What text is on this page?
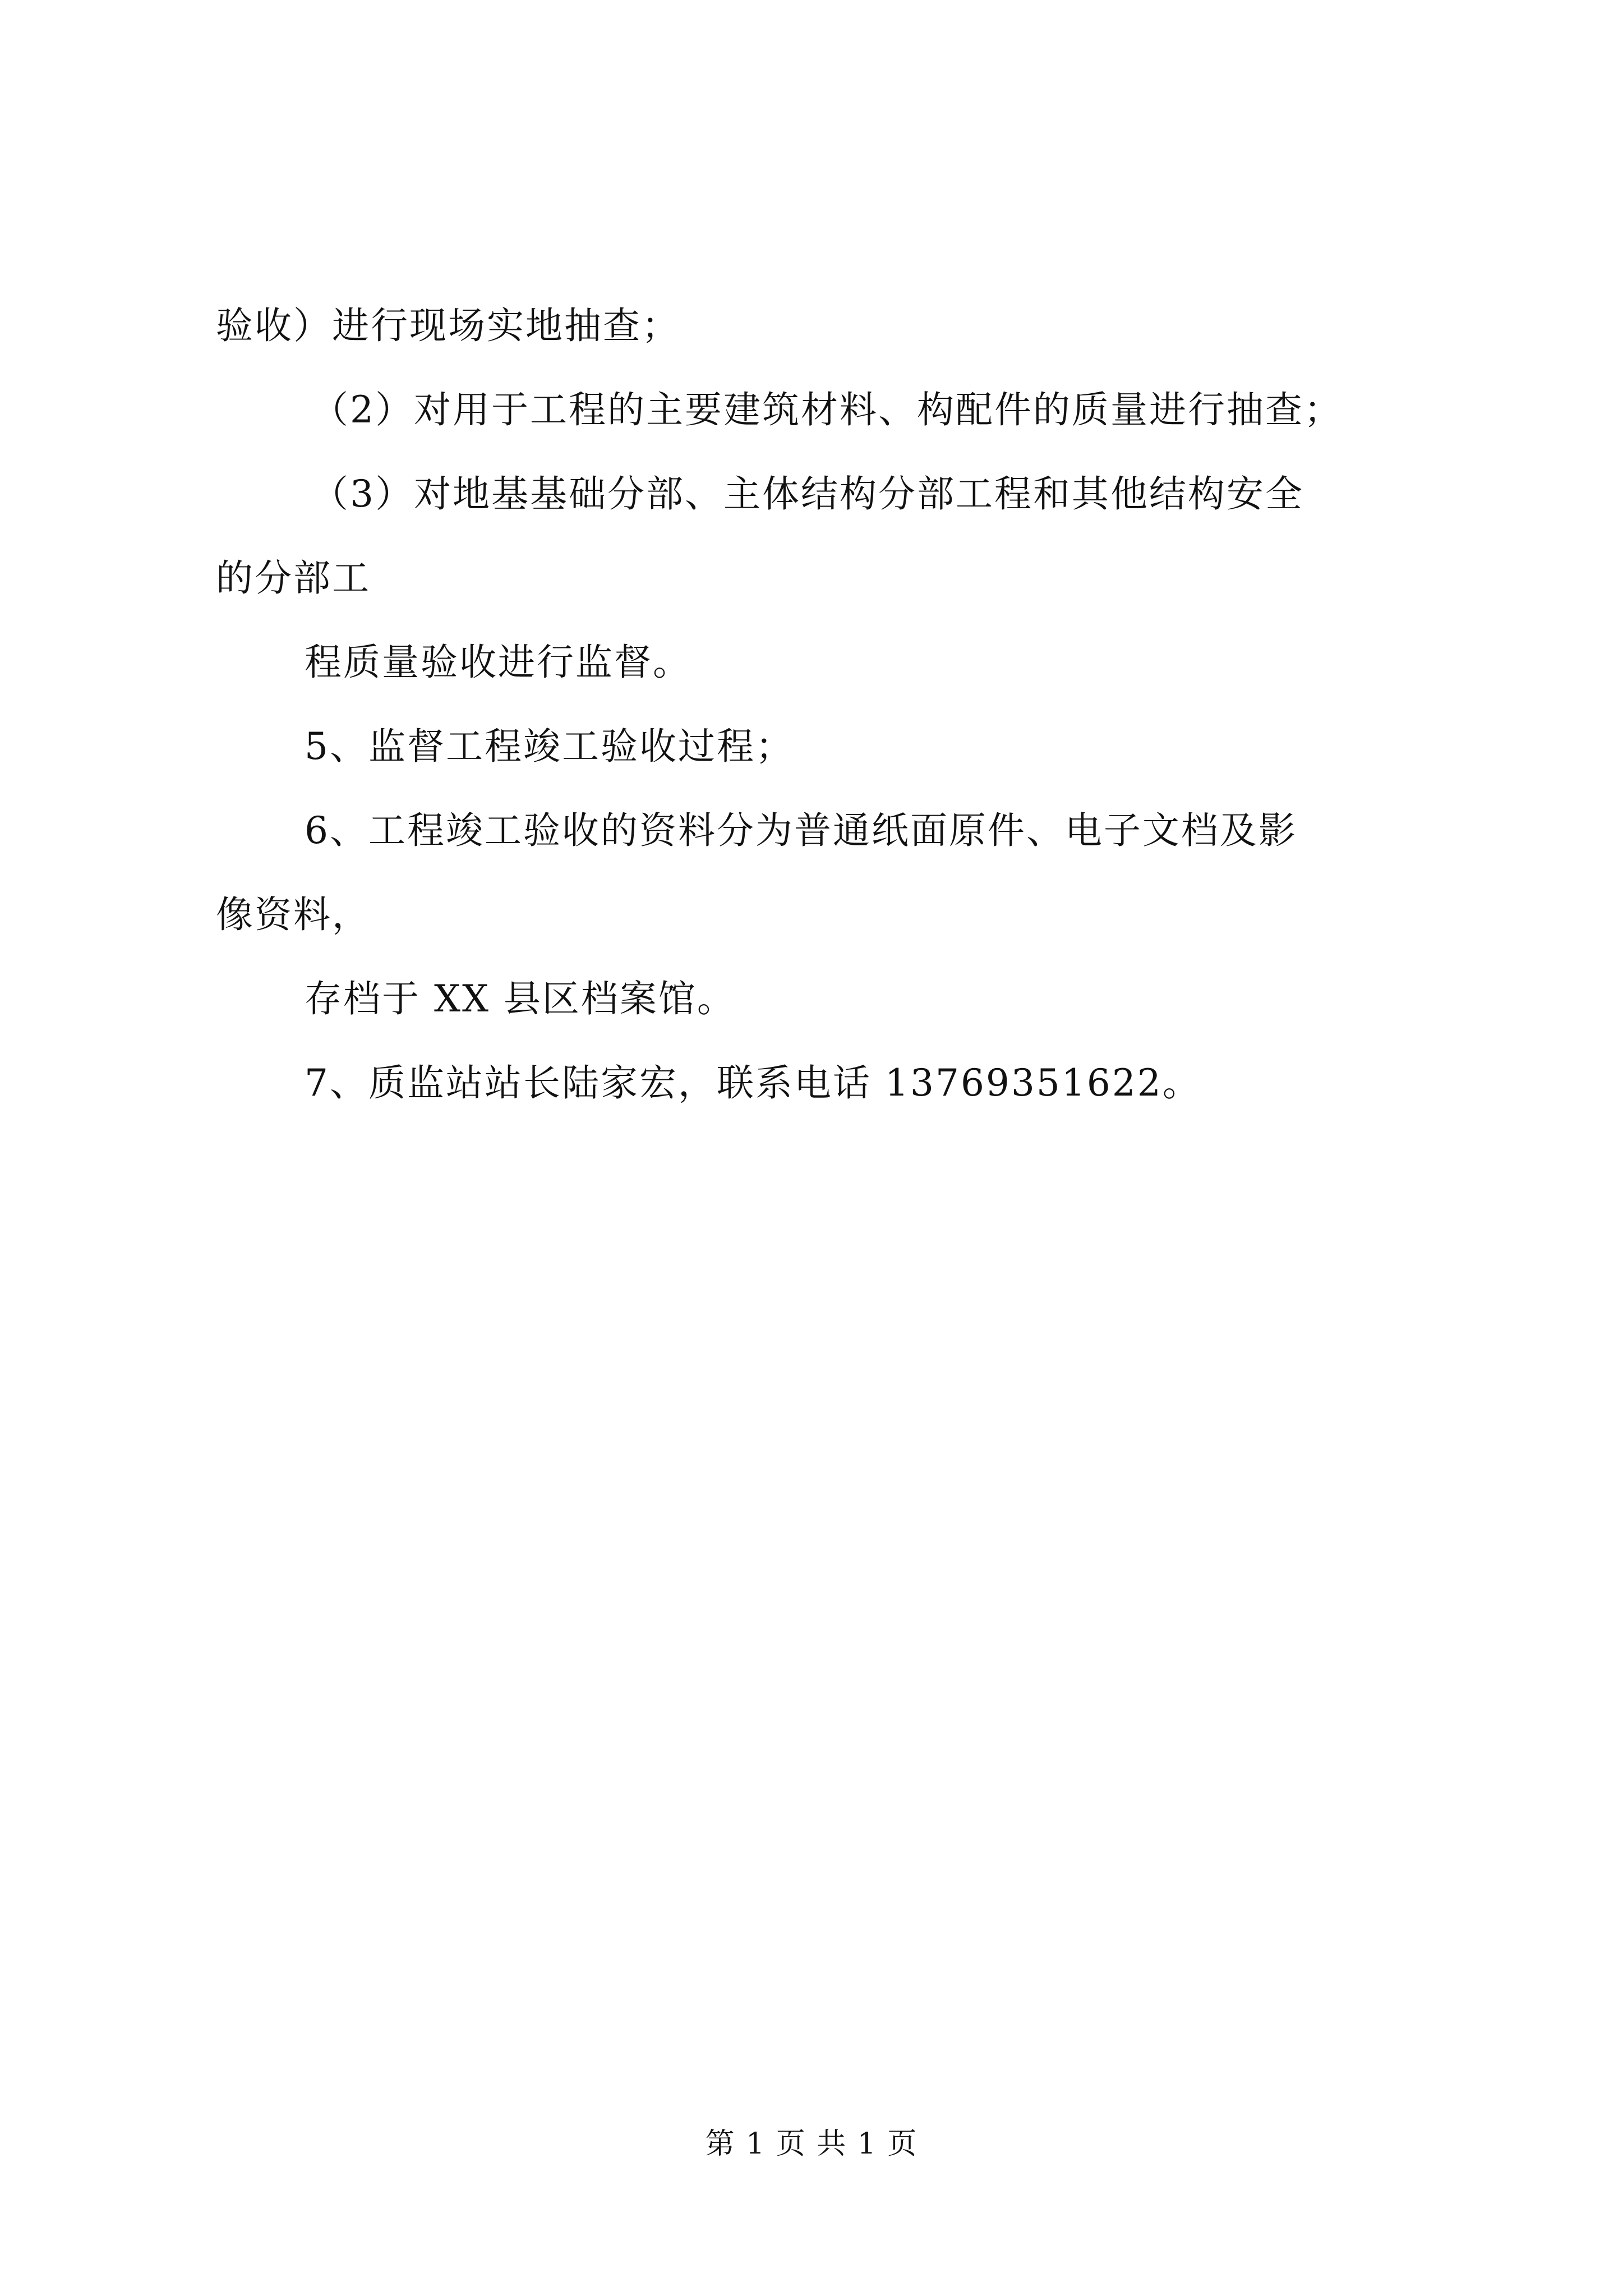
验收）进行现场实地抽查；
（2）对用于工程的主要建筑材料、构配件的质量进行抽查；
（3）对地基基础分部、主体结构分部工程和其他结构安全
的分部工
程质量验收进行监督。
5、监督工程竣工验收过程；
6、工程竣工验收的资料分为普通纸面原件、电子文档及影
像资料，
存档于 XX 县区档案馆。
7、质监站站长陆家宏，联系电话 13769351622。
第 1 页 共 1 页
